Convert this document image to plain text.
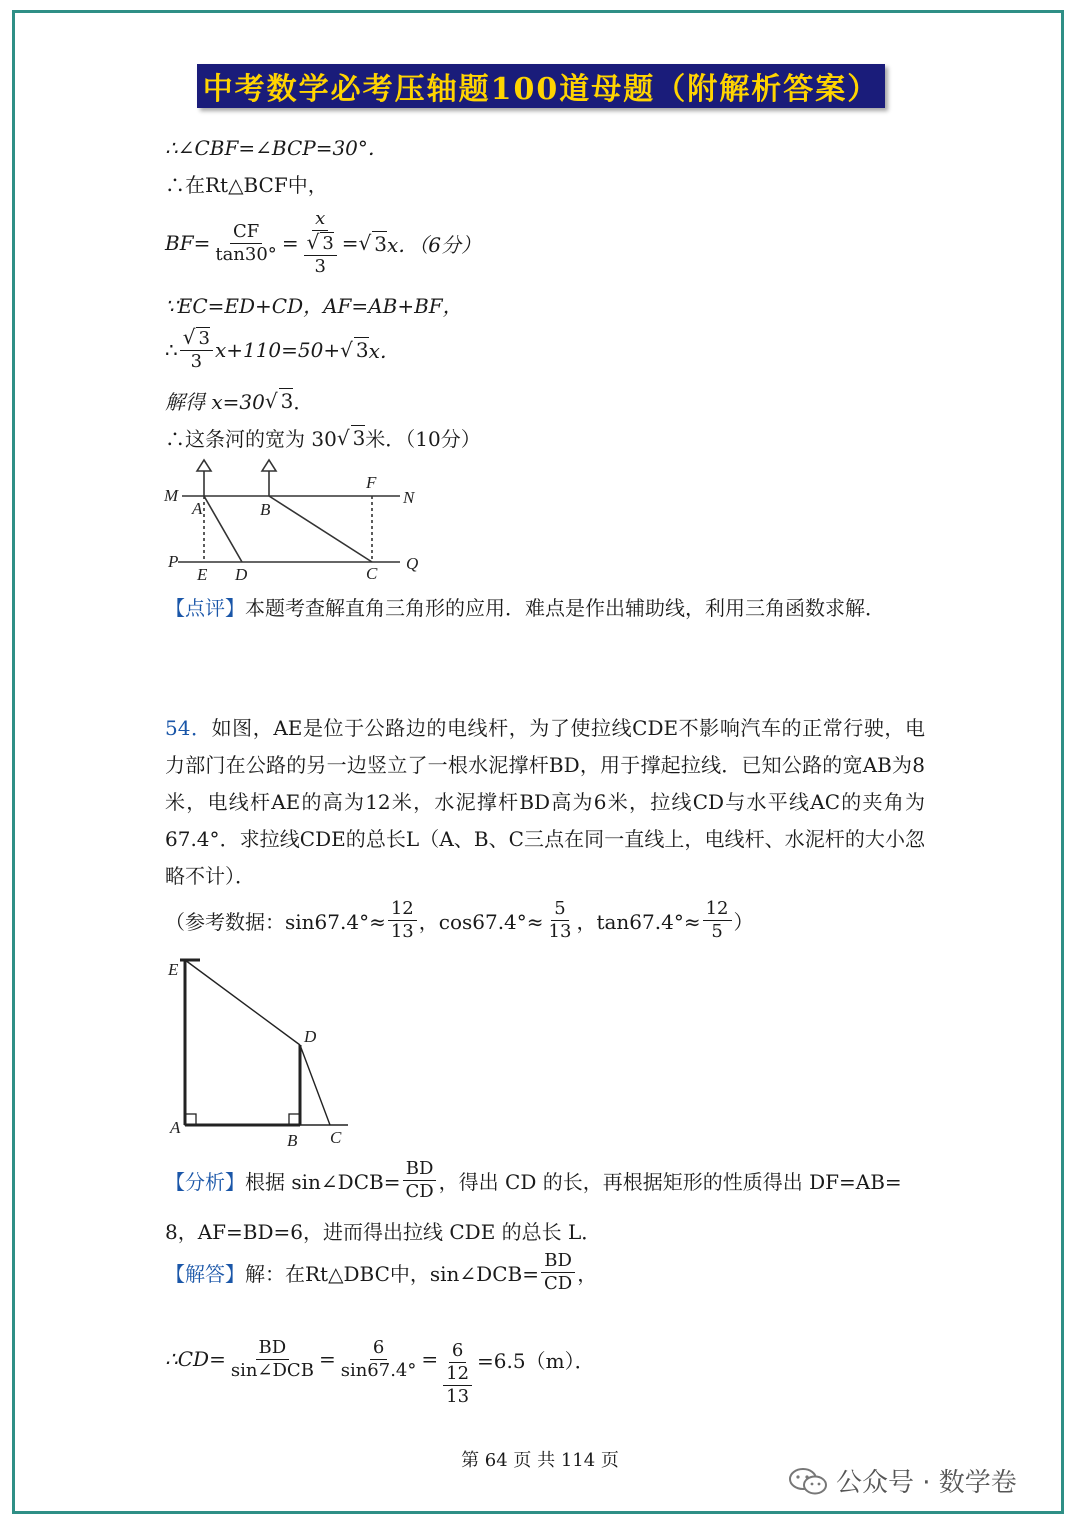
中考数学必考压轴题100道母题（附解析答案）
∴∠CBF=∠BCP=30°．
∴在Rt△BCF中，
$BF= \frac{CF}{\tan 30^\circ} = \frac{x}{\frac{√ 3}{3}}$ = √ 3 x．（6分）
∵EC=ED+CD，AF=AB+BF，
∴ $\frac{√ 3}{3} x+110=50+$ √ 3 x．
解得 x=30 √ 3 ．
∴这条河的宽为 30 √ 3 米．（10分）
M
A	B
F
N
P
E D	C
Q
【点评】本题考查解直角三角形的应用．难点是作出辅助线，利用三角函数求解．
54．如图，AE是位于公路边的电线杆，为了使拉线CDE不影响汽车的正常行驶，电力部门在公路的另一边竖立了一根水泥撑杆BD，用于撑起拉线．已知公路的宽AB为8米，电线杆AE的高为12米，水泥撑杆BD高为6米，拉线CD与水平线AC的夹角为67.4°．求拉线CDE的总长L（A、B、C三点在同一直线上，电线杆、水泥杆的大小忽略不计）．
（参考数据：$\sin 67.4^\circ\approx \frac{12}{13}$ ，$\cos 67.4^\circ\approx \frac{5}{13}$ ，$\tan 67.4^\circ\approx \frac{12}{5}$ ）
E
D
A
B C
【分析】 根据 sin∠DCB= $\frac{BD}{CD}$ ，得出 CD 的长，再根据矩形的性质得出 DF=AB=
8，AF=BD=6，进而得出拉线 CDE 的总长 L．
【解答】 解：在Rt△DBC中，sin∠DCB= $\frac{BD}{CD}$ ，
∴CD= $\frac{BD}{\text{sin∠DCB}} = \frac{6}{\sin 67.4^\circ} = \frac{6}{\frac{12}{13}} =6.5(m)$．
第 64 页 共 114 页
公众号 · 数学卷
